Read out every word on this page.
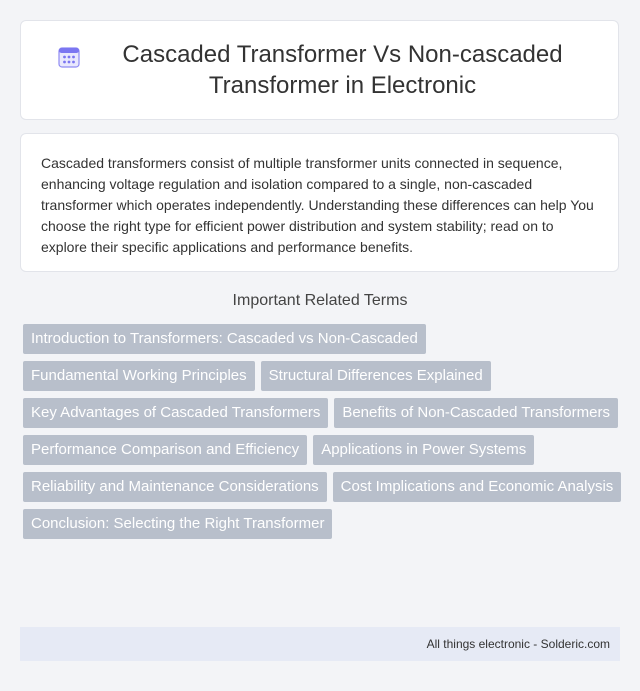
Cascaded Transformer Vs Non-cascaded Transformer in Electronic

Cascaded transformers consist of multiple transformer units connected in sequence, enhancing voltage regulation and isolation compared to a single, non-cascaded transformer which operates independently. Understanding these differences can help You choose the right type for efficient power distribution and system stability; read on to explore their specific applications and performance benefits.

Important Related Terms
Introduction to Transformers: Cascaded vs Non-Cascaded
Fundamental Working Principles	Structural Differences Explained
Key Advantages of Cascaded Transformers	Benefits of Non-Cascaded Transformers
Performance Comparison and Efficiency	Applications in Power Systems
Reliability and Maintenance Considerations	Cost Implications and Economic Analysis
Conclusion: Selecting the Right Transformer
All things electronic - Solderic.com
